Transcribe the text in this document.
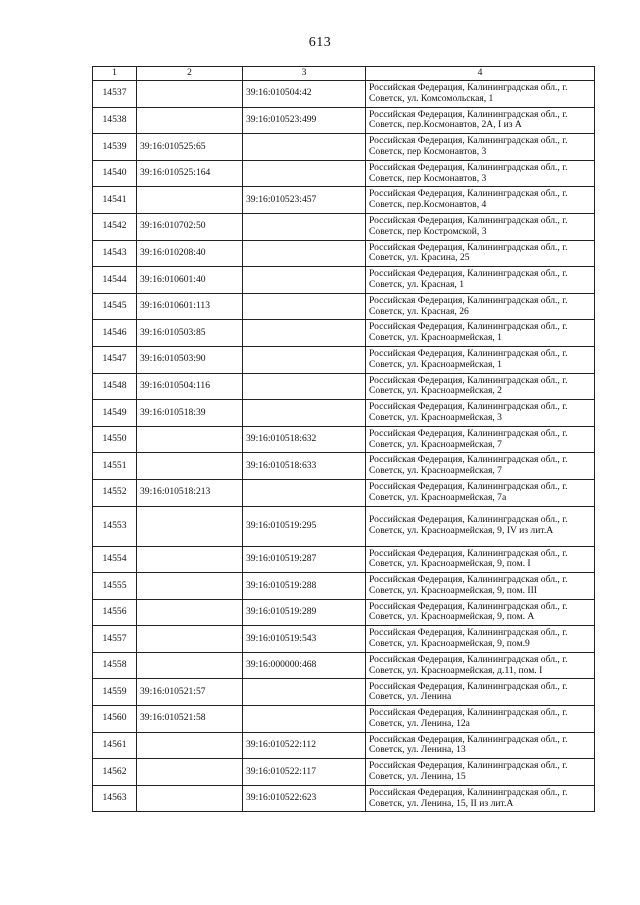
613
1	2	3	4
14537		39:16:010504:42	Российская Федерация, Калининградская обл., г. Советск, ул. Комсомольская, 1
14538		39:16:010523:499	Российская Федерация, Калининградская обл., г. Советск, пер.Космонавтов, 2А, I из А
14539	39:16:010525:65		Российская Федерация, Калининградская обл., г. Советск, пер Космонавтов, 3
14540	39:16:010525:164		Российская Федерация, Калининградская обл., г. Советск, пер Космонавтов, 3
14541		39:16:010523:457	Российская Федерация, Калининградская обл., г. Советск, пер.Космонавтов, 4
14542	39:16:010702:50		Российская Федерация, Калининградская обл., г. Советск, пер Костромской, 3
14543	39:16:010208:40		Российская Федерация, Калининградская обл., г. Советск, ул. Красина, 25
14544	39:16:010601:40		Российская Федерация, Калининградская обл., г. Советск, ул. Красная, 1
14545	39:16:010601:113		Российская Федерация, Калининградская обл., г. Советск, ул. Красная, 26
14546	39:16:010503:85		Российская Федерация, Калининградская обл., г. Советск, ул. Красноармейская, 1
14547	39:16:010503:90		Российская Федерация, Калининградская обл., г. Советск, ул. Красноармейская, 1
14548	39:16:010504:116		Российская Федерация, Калининградская обл., г. Советск, ул. Красноармейская, 2
14549	39:16:010518:39		Российская Федерация, Калининградская обл., г. Советск, ул. Красноармейская, 3
14550		39:16:010518:632	Российская Федерация, Калининградская обл., г. Советск, ул. Красноармейская, 7
14551		39:16:010518:633	Российская Федерация, Калининградская обл., г. Советск, ул. Красноармейская, 7
14552	39:16:010518:213		Российская Федерация, Калининградская обл., г. Советск, ул. Красноармейская, 7а
14553		39:16:010519:295	Российская Федерация, Калининградская обл., г. Советск, ул. Красноармейская, 9, IV из лит.А
14554		39:16:010519:287	Российская Федерация, Калининградская обл., г. Советск, ул. Красноармейская, 9, пом. I
14555		39:16:010519:288	Российская Федерация, Калининградская обл., г. Советск, ул. Красноармейская, 9, пом. III
14556		39:16:010519:289	Российская Федерация, Калининградская обл., г. Советск, ул. Красноармейская, 9, пом. А
14557		39:16:010519:543	Российская Федерация, Калининградская обл., г. Советск, ул. Красноармейская, 9, пом.9
14558		39:16:000000:468	Российская Федерация, Калининградская обл., г. Советск, ул. Красноармейская, д.11, пом. I
14559	39:16:010521:57		Российская Федерация, Калининградская обл., г. Советск, ул. Ленина
14560	39:16:010521:58		Российская Федерация, Калининградская обл., г. Советск, ул. Ленина, 12а
14561		39:16:010522:112	Российская Федерация, Калининградская обл., г. Советск, ул. Ленина, 13
14562		39:16:010522:117	Российская Федерация, Калининградская обл., г. Советск, ул. Ленина, 15
14563		39:16:010522:623	Российская Федерация, Калининградская обл., г. Советск, ул. Ленина, 15, II из лит.А
